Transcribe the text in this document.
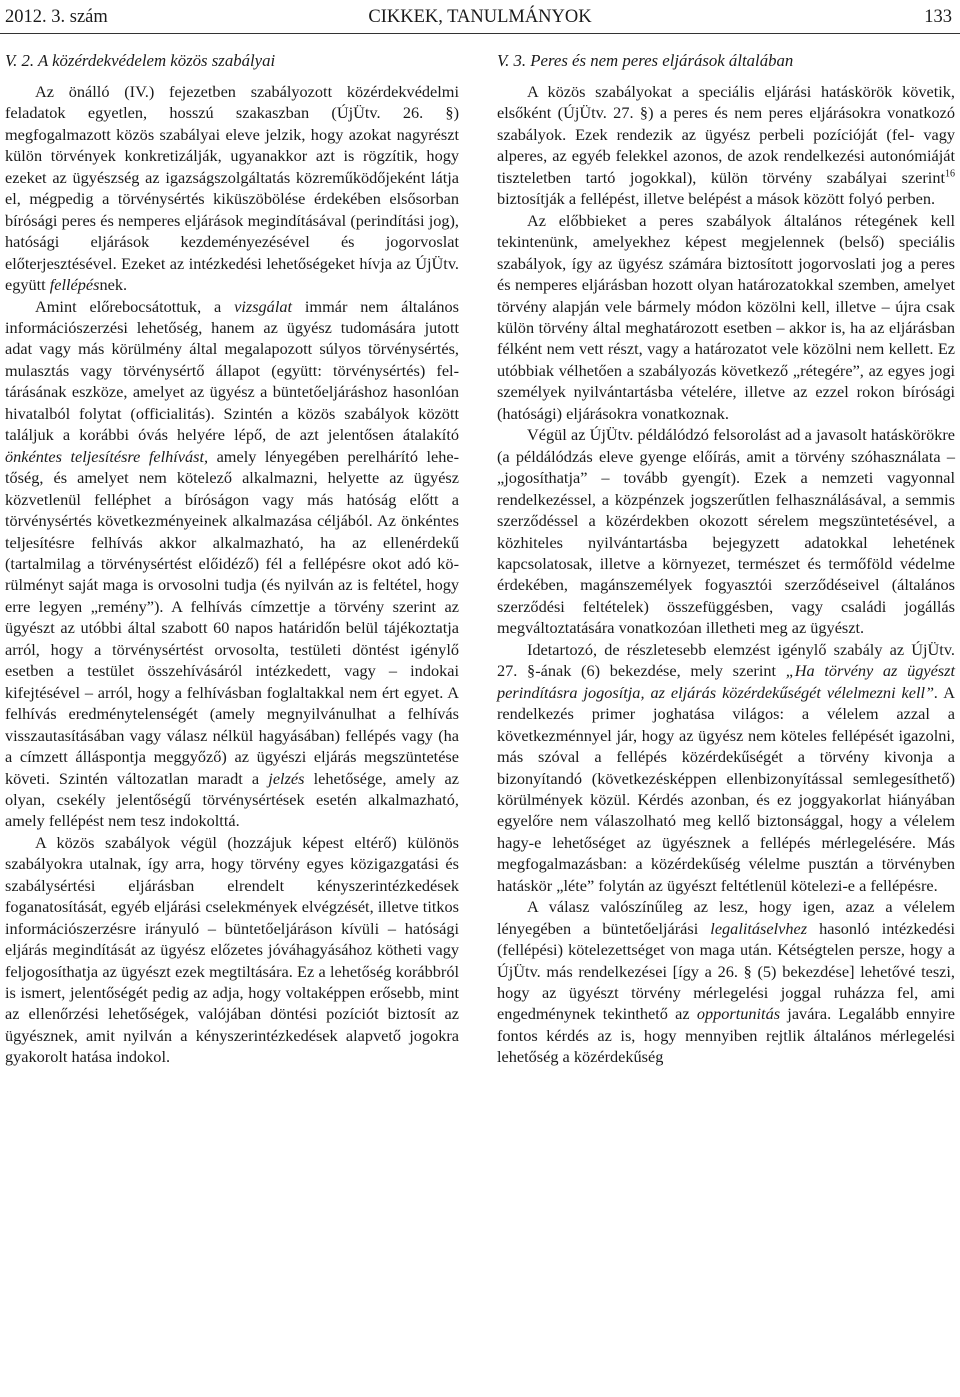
2012. 3. szám	CIKKEK, TANULMÁNYOK	133
V. 2. A közérdekvédelem közös szabályai

Az önálló (IV.) fejezetben szabályozott közérdekvédelmi feladatok egyetlen, hosszú szakaszban (ÚjÜtv. 26. §) megfogalmazott közös szabályai eleve jelzik, hogy azokat nagyrészt külön törvények konkretizálják, ugyanakkor azt is rögzítik, hogy ezeket az ügyészség az igazságszolgáltatás közreműködőjeként látja el, mégpedig a törvénysértés kiküszöbölése érdekében elsősorban bírósági peres és nemperes eljárások megindításával (perindítási jog), hatósági eljárások kezdeményezésével és jogorvoslat előterjesztésével. Ezeket az intézkedési lehetőségeket hívja az ÚjÜtv. együtt fellépésnek.

Amint előrebocsátottuk, a vizsgálat immár nem általános információszerzési lehetőség, hanem az ügyész tudomására jutott adat vagy más körülmény által megalapozott súlyos törvénysértés, mulasztás vagy törvénysértő állapot (együtt: törvénysértés) feltárásának eszköze, amelyet az ügyész a büntetőeljáráshoz hasonlóan hivatalból folytat (officialitás). Szintén a közös szabályok között találjuk a korábbi óvás helyére lépő, de azt jelentősen átalakító önkéntes teljesítésre felhívást, amely lényegében perelhárító lehetőség, és amelyet nem kötelező alkalmazni, helyette az ügyész közvetlenül felléphet a bíróságon vagy más hatóság előtt a törvénysértés következményeinek alkalmazása céljából. Az önkéntes teljesítésre felhívás akkor alkalmazható, ha az ellenérdekű (tartalmilag a törvénysértést előidéző) fél a fellépésre okot adó körülményt saját maga is orvosolni tudja (és nyilván az is feltétel, hogy erre legyen „remény”). A felhívás címzettje a törvény szerint az ügyészt az utóbbi által szabott 60 napos határidőn belül tájékoztatja arról, hogy a törvénysértést orvosolta, testületi döntést igénylő esetben a testület összehívásáról intézkedett, vagy – indokai kifejtésével – arról, hogy a felhívásban foglaltakkal nem ért egyet. A felhívás eredménytelenségét (amely megnyilvánulhat a felhívás visszautasításában vagy válasz nélkül hagyásában) fellépés vagy (ha a címzett álláspontja meggyőző) az ügyészi eljárás megszüntetése követi. Szintén változatlan maradt a jelzés lehetősége, amely az olyan, csekély jelentőségű törvénysértések esetén alkalmazható, amely fellépést nem tesz indokolttá.

A közös szabályok végül (hozzájuk képest eltérő) különös szabályokra utalnak, így arra, hogy törvény egyes közigazgatási és szabálysértési eljárásban elrendelt kényszerintézkedések foganatosítását, egyéb eljárási cselekmények elvégzését, illetve titkos információszerzésre irányuló – büntetőeljáráson kívüli – hatósági eljárás megindítását az ügyész előzetes jóváhagyásához kötheti vagy feljogosíthatja az ügyészt ezek megtiltására. Ez a lehetőség korábbról is ismert, jelentőségét pedig az adja, hogy voltaképpen erősebb, mint az ellenőrzési lehetőségek, valójában döntési pozíciót biztosít az ügyésznek, amit nyilván a kényszerintézkedések alapvető jogokra gyakorolt hatása indokol.

V. 3. Peres és nem peres eljárások általában

A közös szabályokat a speciális eljárási hatáskörök követik, elsőként (ÚjÜtv. 27. §) a peres és nem peres eljárásokra vonatkozó szabályok. Ezek rendezik az ügyész perbeli pozícióját (fel- vagy alperes, az egyéb felekkel azonos, de azok rendelkezési autonómiáját tiszteletben tartó jogokkal), külön törvény szabályai szerint$^{16}$ biztosítják a fellépést, illetve belépést a mások között folyó perben.

Az előbbieket a peres szabályok általános rétegének kell tekintenünk, amelyekhez képest megjelennek (belső) speciális szabályok, így az ügyész számára biztosított jogorvoslati jog a peres és nemperes eljárásban hozott olyan határozatokkal szemben, amelyet törvény alapján vele bármely módon közölni kell, illetve – újra csak külön törvény által meghatározott esetben – akkor is, ha az eljárásban félként nem vett részt, vagy a határozatot vele közölni nem kellett. Ez utóbbiak vélhetően a szabályozás következő „rétegére”, az egyes jogi személyek nyilvántartásba vételére, illetve az ezzel rokon bírósági (hatósági) eljárásokra vonatkoznak.

Végül az ÚjÜtv. példálódzó felsorolást ad a javasolt hatáskörökre (a példálódzás eleve gyenge előírás, amit a törvény szóhasználata – „jogosíthatja” – tovább gyengít). Ezek a nemzeti vagyonnal rendelkezéssel, a közpénzek jogszerűtlen felhasználásával, a semmis szerződéssel a közérdekben okozott sérelem megszüntetésével, a közhiteles nyilvántartásba bejegyzett adatokkal lehetének kapcsolatosak, illetve a környezet, természet és termőföld védelme érdekében, magánszemélyek fogyasztói szerződéseivel (általános szerződési feltételek) összefüggésben, vagy családi jogállás megváltoztatására vonatkozóan illetheti meg az ügyészt.

Idetartozó, de részletesebb elemzést igénylő szabály az ÚjÜtv. 27. §-ának (6) bekezdése, mely szerint „Ha törvény az ügyészt perindításra jogosítja, az eljárás közérdekűségét vélelmezni kell”. A rendelkezés primer joghatása világos: a vélelem azzal a következménnyel jár, hogy az ügyész nem köteles fellépését igazolni, más szóval a fellépés közérdekűségét a törvény kivonja a bizonyítandó (következésképpen ellenbizonyítással semlegesíthető) körülmények közül. Kérdés azonban, és ez joggyakorlat hiányában egyelőre nem válaszolható meg kellő biztonsággal, hogy a vélelem hagy-e lehetőséget az ügyésznek a fellépés mérlegelésére. Más megfogalmazásban: a közérdekűség vélelme pusztán a törvényben hatáskör „léte” folytán az ügyészt feltétlenül kötelezi-e a fellépésre.

A válasz valószínűleg az lesz, hogy igen, azaz a vélelem lényegében a büntetőeljárási legalitáselvhez hasonló intézkedési (fellépési) kötelezettséget von maga után. Kétségtelen persze, hogy a ÚjÜtv. más rendelkezései [így a 26. § (5) bekezdése] lehetővé teszi, hogy az ügyészt törvény mérlegelési joggal ruházza fel, ami engedménynek tekinthető az opportunitás javára. Legalább ennyire fontos kérdés az is, hogy mennyiben rejtlik általános mérlegelési lehetőség a közérdekűség
